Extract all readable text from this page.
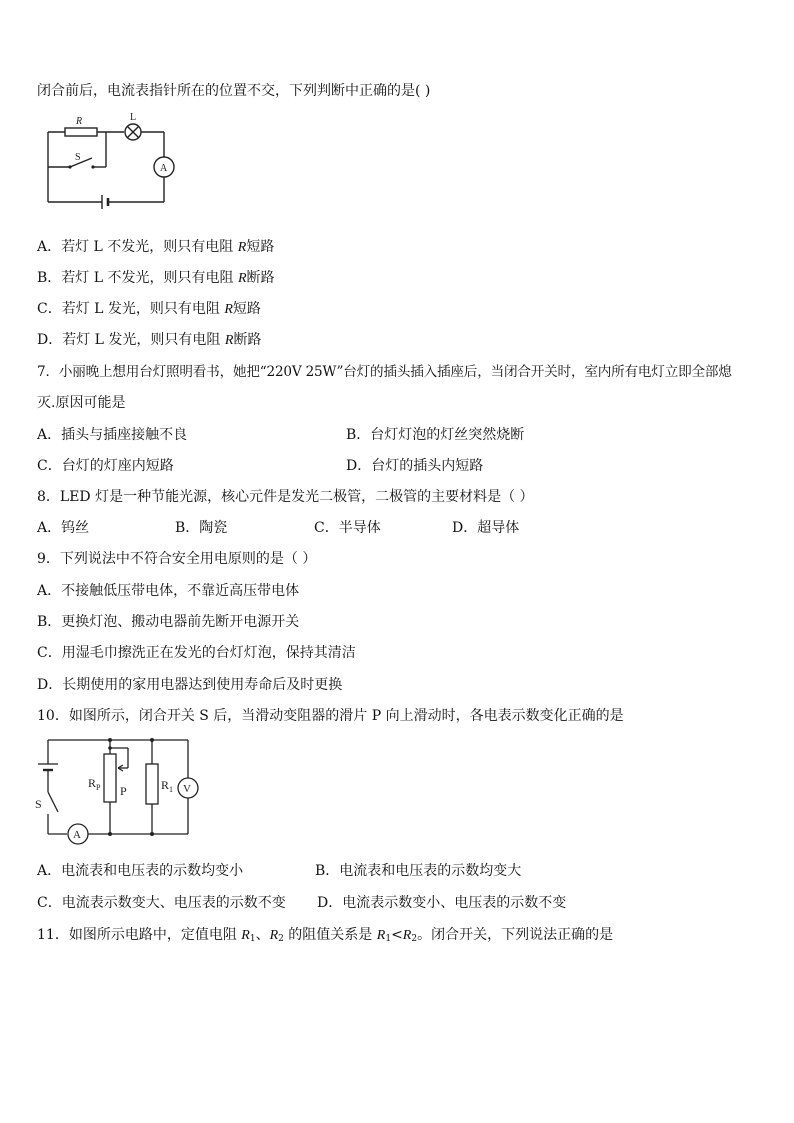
闭合前后，电流表指针所在的位置不交，下列判断中正确的是( )
R	L
S
A
A．若灯 L 不发光，则只有电阻 R短路
B．若灯 L 不发光，则只有电阻 R断路
C．若灯 L 发光，则只有电阻 R短路
D．若灯 L 发光，则只有电阻 R断路
7．小丽晚上想用台灯照明看书，她把“220V 25W”台灯的插头插入插座后，当闭合开关时，室内所有电灯立即全部熄
灭.原因可能是
A．插头与插座接触不良	B．台灯灯泡的灯丝突然烧断
C．台灯的灯座内短路	D．台灯的插头内短路
8．LED 灯是一种节能光源，核心元件是发光二极管，二极管的主要材料是（ ）
A．钨丝	B．陶瓷	C．半导体	D．超导体
9．下列说法中不符合安全用电原则的是（ ）
A．不接触低压带电体，不靠近高压带电体
B．更换灯泡、搬动电器前先断开电源开关
C．用湿毛巾擦洗正在发光的台灯灯泡，保持其清洁
D．长期使用的家用电器达到使用寿命后及时更换
10．如图所示，闭合开关 S 后，当滑动变阻器的滑片 P 向上滑动时，各电表示数变化正确的是
$R_P$ P	$R_1$ V
S
A
A．电流表和电压表的示数均变小	B．电流表和电压表的示数均变大
C．电流表示数变大、电压表的示数不变 D．电流表示数变小、电压表的示数不变
11．如图所示电路中，定值电阻 $R_1$、$R_2$ 的阻值关系是 $R_1<R_2$。闭合开关，下列说法正确的是
